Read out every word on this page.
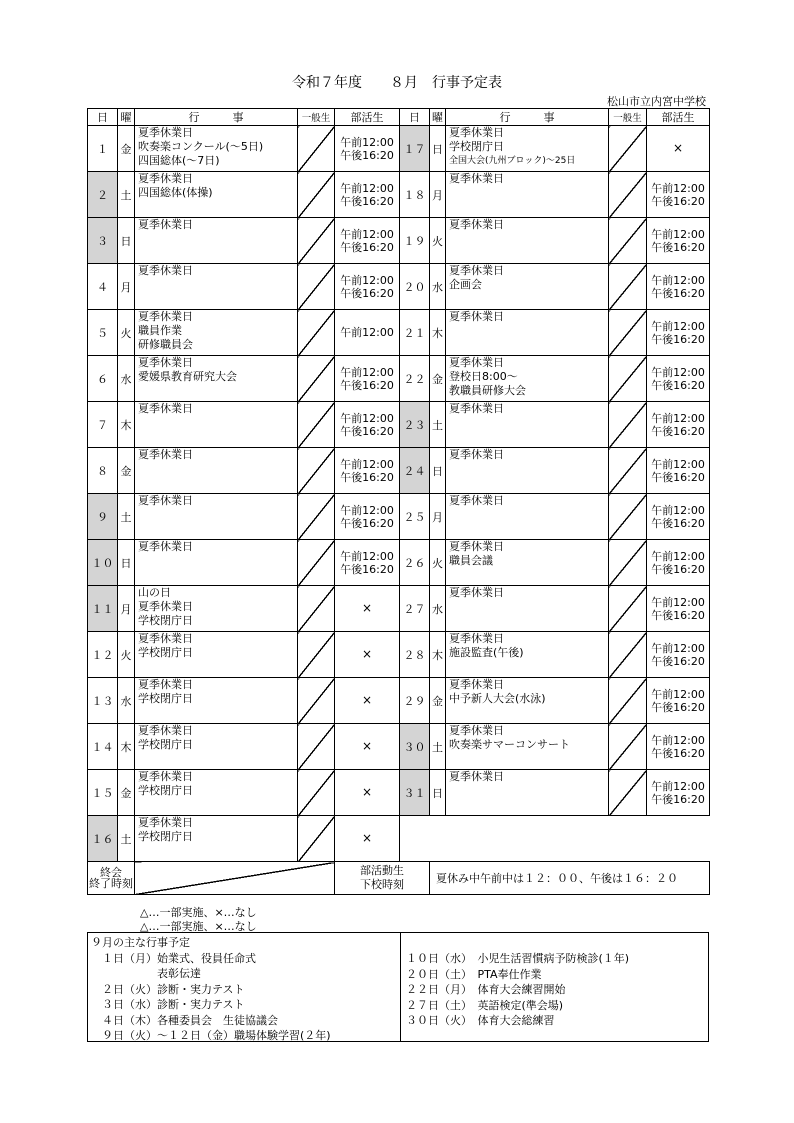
令和７年度　　８月　行事予定表
松山市立内宮中学校
日	曜	行　　　事	一般生	部活生	日	曜	行　　　事	一般生	部活生
１	金	夏季休業日
吹奏楽コンクール(～5日)
四国総体(～7日)		午前12:00
午後16:20	１７	日	夏季休業日
学校閉庁日
全国大会(九州ブロック)～25日		×

２	土	夏季休業日
四国総体(体操)		午前12:00
午後16:20	１８	月	夏季休業日		午前12:00
午後16:20

３	日	夏季休業日		午前12:00
午後16:20	１９	火	夏季休業日		午前12:00
午後16:20

４	月	夏季休業日		午前12:00
午後16:20	２０	水	夏季休業日
企画会		午前12:00
午後16:20

５	火	夏季休業日
職員作業
研修職員会		午前12:00	２１	木	夏季休業日		午前12:00
午後16:20

６	水	夏季休業日
愛媛県教育研究大会		午前12:00
午後16:20	２２	金	夏季休業日
登校日8:00～
教職員研修大会		午前12:00
午後16:20

７	木	夏季休業日		午前12:00
午後16:20	２３	土	夏季休業日		午前12:00
午後16:20

８	金	夏季休業日		午前12:00
午後16:20	２４	日	夏季休業日		午前12:00
午後16:20

９	土	夏季休業日		午前12:00
午後16:20	２５	月	夏季休業日		午前12:00
午後16:20

１０	日	夏季休業日		午前12:00
午後16:20	２６	火	夏季休業日
職員会議		午前12:00
午後16:20

１１	月	山の日
夏季休業日
学校閉庁日		×	２７	水	夏季休業日		午前12:00
午後16:20

１２	火	夏季休業日
学校閉庁日		×	２８	木	夏季休業日
施設監査(午後)		午前12:00
午後16:20

１３	水	夏季休業日
学校閉庁日		×	２９	金	夏季休業日
中予新人大会(水泳)		午前12:00
午後16:20

１４	木	夏季休業日
学校閉庁日		×	３０	土	夏季休業日
吹奏楽サマーコンサート		午前12:00
午後16:20

１５	金	夏季休業日
学校閉庁日		×	３１	日	夏季休業日		午前12:00
午後16:20

１６	土	夏季休業日
学校閉庁日		×					

終会
終了時刻				部活動生
下校時刻		夏休み中午前中は１２：００、午後は１６：２０			
△…一部実施、×…なし
△…一部実施、×…なし
９月の主な行事予定
　１日（月）始業式、役員任命式
　　　　　　表彰伝達
　２日（火）診断・実力テスト
　３日（水）診断・実力テスト
　４日（木）各種委員会　生徒協議会
　９日（火）～１２日（金）職場体験学習(２年)
１０日（水）　小児生活習慣病予防検診(１年)
２０日（土）　PTA奉仕作業
２２日（月）　体育大会練習開始
２７日（土）　英語検定(準会場)
３０日（火）　体育大会総練習
